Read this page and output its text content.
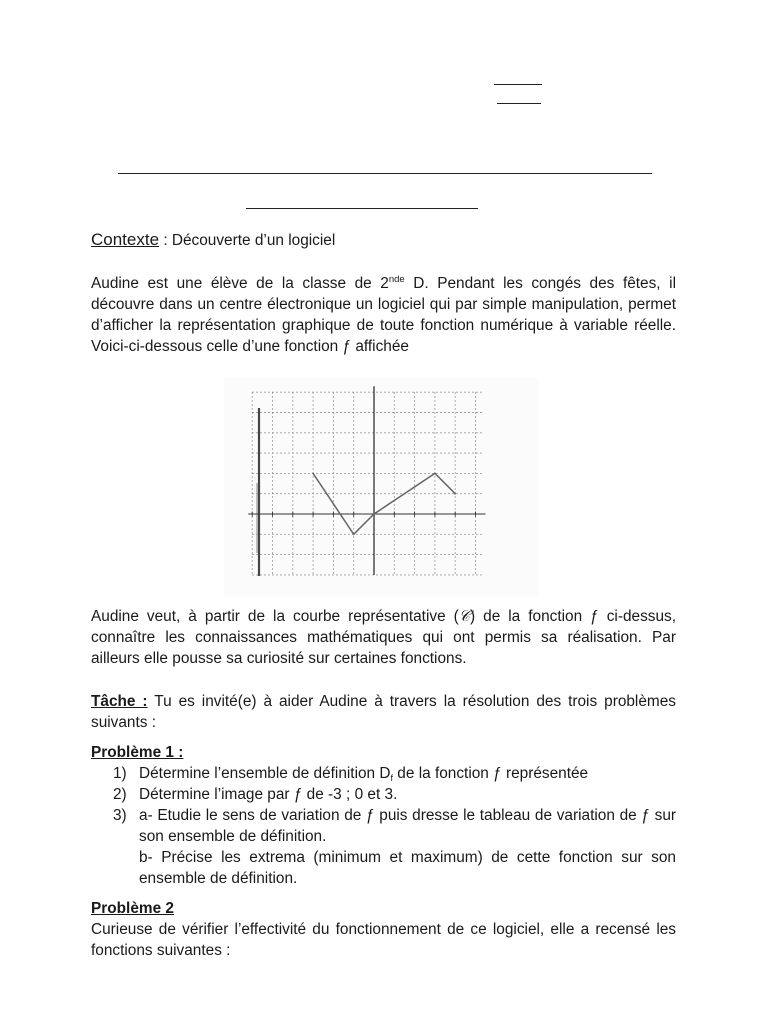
Contexte : Découverte d’un logiciel
Audine est une élève de la classe de 2nde D. Pendant les congés des fêtes, il découvre dans un centre électronique un logiciel qui par simple manipulation, permet d’afficher la représentation graphique de toute fonction numérique à variable réelle. Voici-ci-dessous celle d’une fonction ƒ affichée
Audine veut, à partir de la courbe représentative (𝒞) de la fonction ƒ ci-dessus, connaître les connaissances mathématiques qui ont permis sa réalisation. Par ailleurs elle pousse sa curiosité sur certaines fonctions.
Tâche : Tu es invité(e) à aider Audine à travers la résolution des trois problèmes suivants :
Problème 1 :
1) Détermine l’ensemble de définition $D_f$ de la fonction ƒ représentée
2) Détermine l’image par ƒ de -3 ; 0 et 3.
3) a- Etudie le sens de variation de ƒ puis dresse le tableau de variation de ƒ sur son ensemble de définition.
b- Précise les extrema (minimum et maximum) de cette fonction sur son ensemble de définition.
Problème 2
Curieuse de vérifier l’effectivité du fonctionnement de ce logiciel, elle a recensé les fonctions suivantes :
